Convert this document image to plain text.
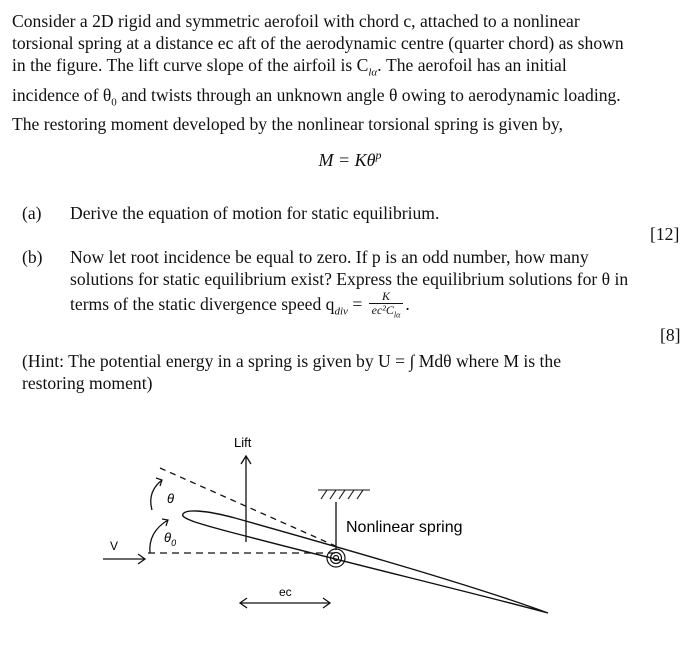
Consider a 2D rigid and symmetric aerofoil with chord c, attached to a nonlinear
torsional spring at a distance ec aft of the aerodynamic centre (quarter chord) as shown
in the figure. The lift curve slope of the airfoil is $C_{l\alpha}$. The aerofoil has an initial
incidence of $\theta_0$ and twists through an unknown angle θ owing to aerodynamic loading.
The restoring moment developed by the nonlinear torsional spring is given by,
$M = K\theta^p$
(a) Derive the equation of motion for static equilibrium.
[12]
(b) Now let root incidence be equal to zero. If p is an odd number, how many
solutions for static equilibrium exist? Express the equilibrium solutions for θ in
terms of the static divergence speed $q_{div} = \frac{K}{ec^2C_{l\alpha}}$ .
[8]
(Hint: The potential energy in a spring is given by U = ∫ Mdθ where M is the
restoring moment)
Lift
θ
$\theta_0$
V
Nonlinear spring
ec
